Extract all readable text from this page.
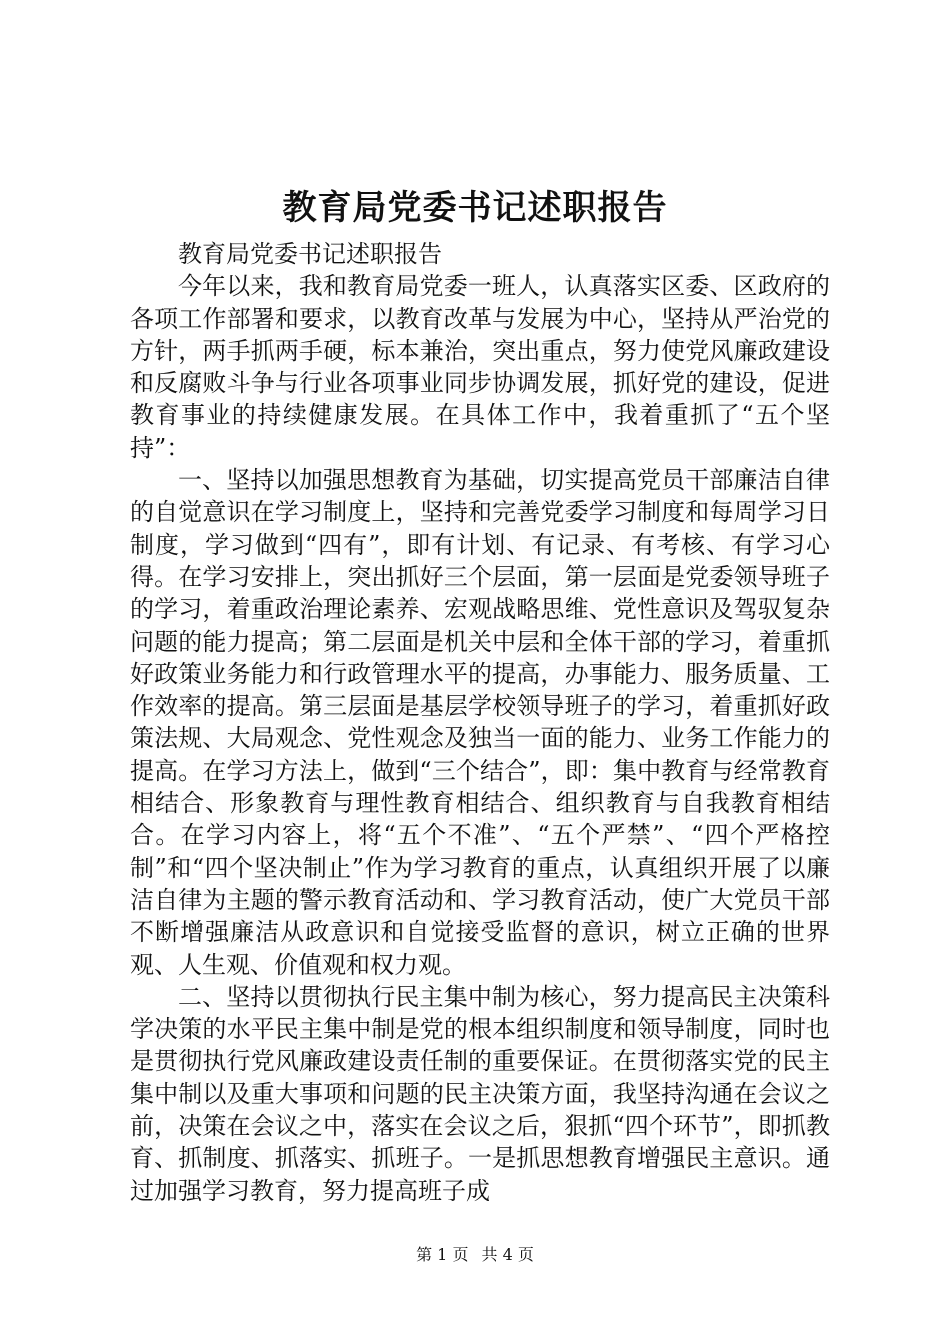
教育局党委书记述职报告

教育局党委书记述职报告

今年以来，我和教育局党委一班人，认真落实区委、区政府的各项工作部署和要求，以教育改革与发展为中心，坚持从严治党的方针，两手抓两手硬，标本兼治，突出重点，努力使党风廉政建设和反腐败斗争与行业各项事业同步协调发展，抓好党的建设，促进教育事业的持续健康发展。在具体工作中，我着重抓了“五个坚持”：

一、坚持以加强思想教育为基础，切实提高党员干部廉洁自律的自觉意识在学习制度上，坚持和完善党委学习制度和每周学习日制度，学习做到“四有”，即有计划、有记录、有考核、有学习心得。在学习安排上，突出抓好三个层面，第一层面是党委领导班子的学习，着重政治理论素养、宏观战略思维、党性意识及驾驭复杂问题的能力提高；第二层面是机关中层和全体干部的学习，着重抓好政策业务能力和行政管理水平的提高，办事能力、服务质量、工作效率的提高。第三层面是基层学校领导班子的学习，着重抓好政策法规、大局观念、党性观念及独当一面的能力、业务工作能力的提高。在学习方法上，做到“三个结合”，即：集中教育与经常教育相结合、形象教育与理性教育相结合、组织教育与自我教育相结合。在学习内容上，将“五个不准”、“五个严禁”、“四个严格控制”和“四个坚决制止”作为学习教育的重点，认真组织开展了以廉洁自律为主题的警示教育活动和、学习教育活动，使广大党员干部不断增强廉洁从政意识和自觉接受监督的意识，树立正确的世界观、人生观、价值观和权力观。

二、坚持以贯彻执行民主集中制为核心，努力提高民主决策科学决策的水平民主集中制是党的根本组织制度和领导制度，同时也是贯彻执行党风廉政建设责任制的重要保证。在贯彻落实党的民主集中制以及重大事项和问题的民主决策方面，我坚持沟通在会议之前，决策在会议之中，落实在会议之后，狠抓“四个环节”，即抓教育、抓制度、抓落实、抓班子。一是抓思想教育增强民主意识。通过加强学习教育，努力提高班子成

第 1 页 共 4 页
